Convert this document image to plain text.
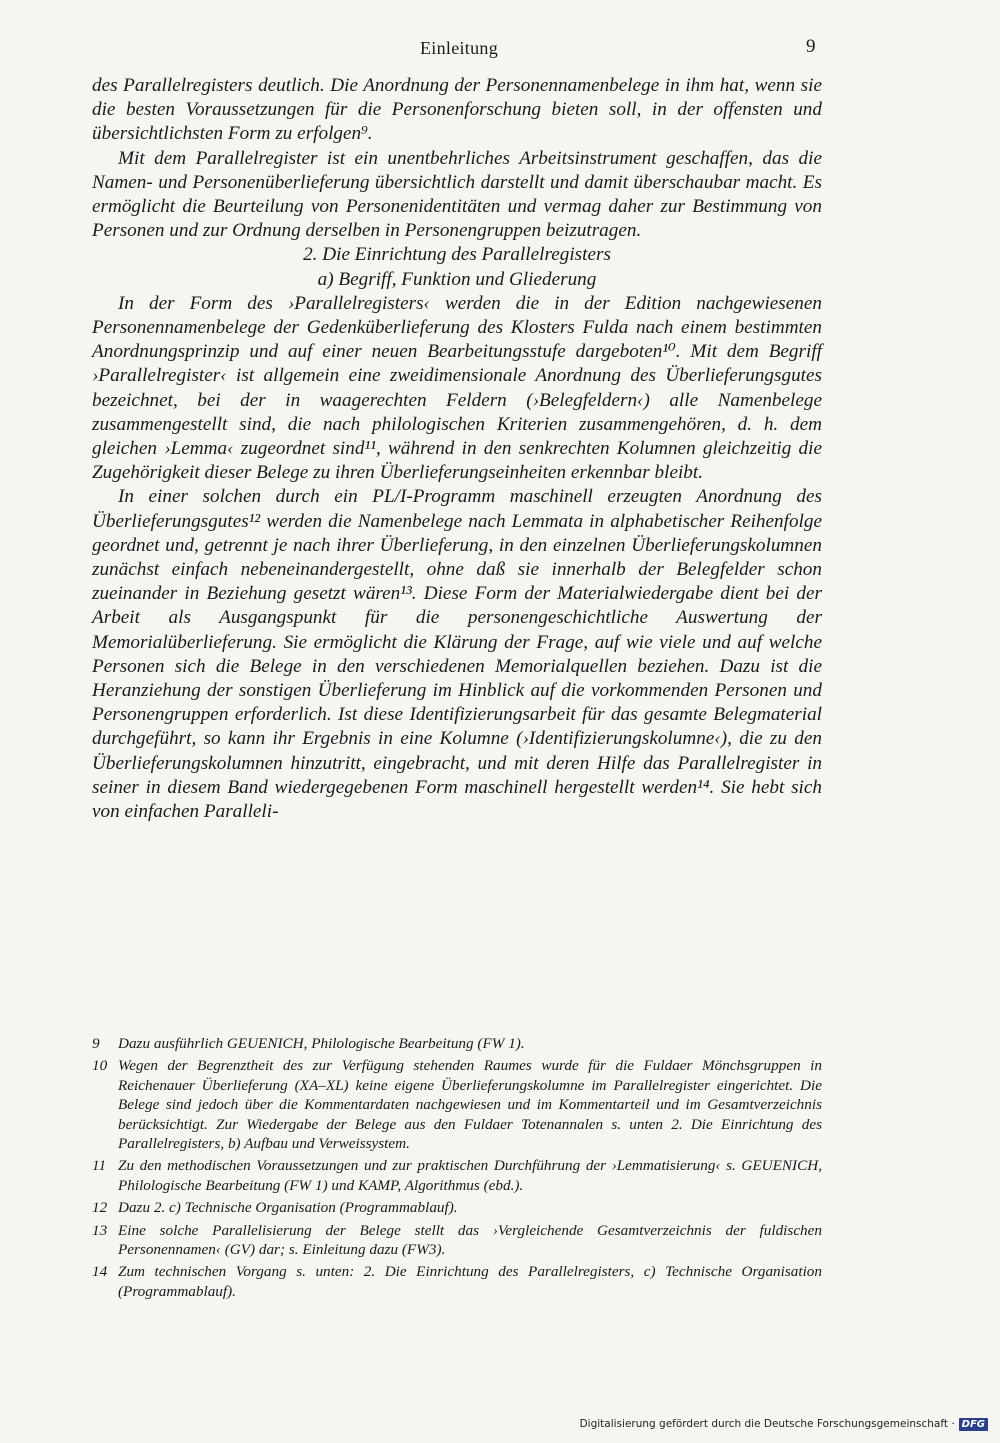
Einleitung	9

des Parallelregisters deutlich. Die Anordnung der Personennamenbelege in ihm hat, wenn sie die besten Voraussetzungen für die Personenforschung bieten soll, in der offensten und übersichtlichsten Form zu erfolgen⁹.

Mit dem Parallelregister ist ein unentbehrliches Arbeitsinstrument geschaffen, das die Namen- und Personenüberlieferung übersichtlich darstellt und damit überschaubar macht. Es ermöglicht die Beurteilung von Personenidentitäten und vermag daher zur Bestimmung von Personen und zur Ordnung derselben in Personengruppen beizutragen.

2. Die Einrichtung des Parallelregisters

a) Begriff, Funktion und Gliederung

In der Form des ›Parallelregisters‹ werden die in der Edition nachgewiesenen Personennamenbelege der Gedenküberlieferung des Klosters Fulda nach einem bestimmten Anordnungsprinzip und auf einer neuen Bearbeitungsstufe dargeboten¹⁰. Mit dem Begriff ›Parallelregister‹ ist allgemein eine zweidimensionale Anordnung des Überlieferungsgutes bezeichnet, bei der in waagerechten Feldern (›Belegfeldern‹) alle Namenbelege zusammengestellt sind, die nach philologischen Kriterien zusammengehören, d. h. dem gleichen ›Lemma‹ zugeordnet sind¹¹, während in den senkrechten Kolumnen gleichzeitig die Zugehörigkeit dieser Belege zu ihren Überlieferungseinheiten erkennbar bleibt.

In einer solchen durch ein PL/I-Programm maschinell erzeugten Anordnung des Überlieferungsgutes¹² werden die Namenbelege nach Lemmata in alphabetischer Reihenfolge geordnet und, getrennt je nach ihrer Überlieferung, in den einzelnen Überlieferungskolumnen zunächst einfach nebeneinandergestellt, ohne daß sie innerhalb der Belegfelder schon zueinander in Beziehung gesetzt wären¹³. Diese Form der Materialwiedergabe dient bei der Arbeit als Ausgangspunkt für die personengeschichtliche Auswertung der Memorialüberlieferung. Sie ermöglicht die Klärung der Frage, auf wie viele und auf welche Personen sich die Belege in den verschiedenen Memorialquellen beziehen. Dazu ist die Heranziehung der sonstigen Überlieferung im Hinblick auf die vorkommenden Personen und Personengruppen erforderlich. Ist diese Identifizierungsarbeit für das gesamte Belegmaterial durchgeführt, so kann ihr Ergebnis in eine Kolumne (›Identifizierungskolumne‹), die zu den Überlieferungskolumnen hinzutritt, eingebracht, und mit deren Hilfe das Parallelregister in seiner in diesem Band wiedergegebenen Form maschinell hergestellt werden¹⁴. Sie hebt sich von einfachen Paralleli-

9 Dazu ausführlich GEUENICH, Philologische Bearbeitung (FW 1).
10 Wegen der Begrenztheit des zur Verfügung stehenden Raumes wurde für die Fuldaer Mönchsgruppen in Reichenauer Überlieferung (XA–XL) keine eigene Überlieferungskolumne im Parallelregister eingerichtet. Die Belege sind jedoch über die Kommentardaten nachgewiesen und im Kommentarteil und im Gesamtverzeichnis berücksichtigt. Zur Wiedergabe der Belege aus den Fuldaer Totenannalen s. unten 2. Die Einrichtung des Parallelregisters, b) Aufbau und Verweissystem.
11 Zu den methodischen Voraussetzungen und zur praktischen Durchführung der ›Lemmatisierung‹ s. GEUENICH, Philologische Bearbeitung (FW 1) und KAMP, Algorithmus (ebd.).
12 Dazu 2. c) Technische Organisation (Programmablauf).
13 Eine solche Parallelisierung der Belege stellt das ›Vergleichende Gesamtverzeichnis der fuldischen Personennamen‹ (GV) dar; s. Einleitung dazu (FW3).
14 Zum technischen Vorgang s. unten: 2. Die Einrichtung des Parallelregisters, c) Technische Organisation (Programmablauf).
Digitalisierung gefördert durch die Deutsche Forschungsgemeinschaft · DFG
